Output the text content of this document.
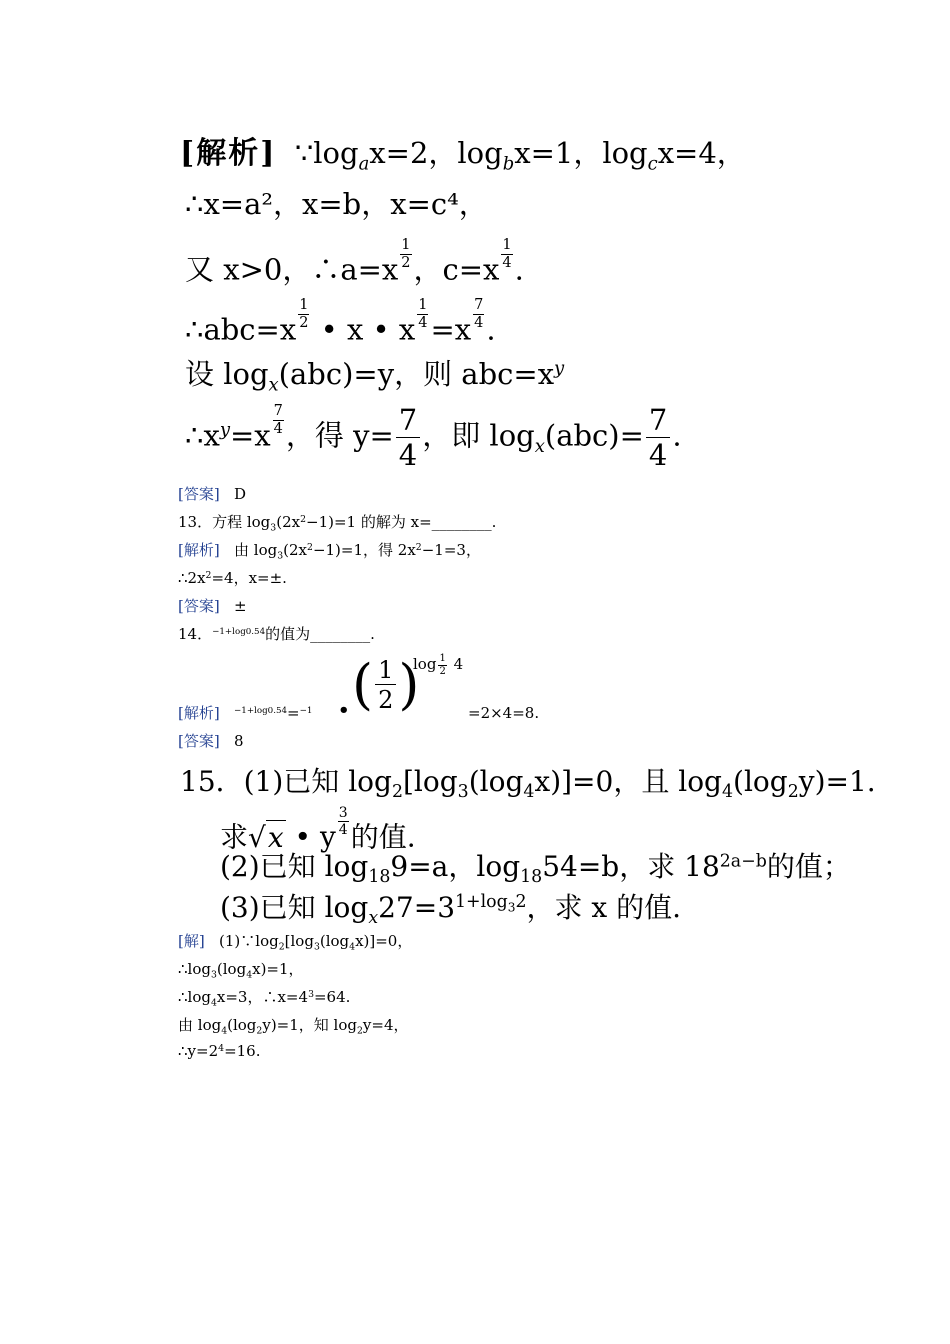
[解析] $\because\log_ax=2$，$\log_bx=1$，$\log_cx=4$，
∴x=a²，x=b，x=c⁴，
又 x>0，∴a=x $\frac{1}{2}$ ，$c=x \frac{1}{4}$ .
∴abc=x $\frac{1}{2}$ • x • x $\frac{1}{4} =x \frac{7}{4}$ .
设 $\log_x(abc)=y$，则 $abc=x^y$
$\therefore x^y=x \frac{7}{4}$ ，得 $y= \frac{7}{4}$ ，即 $\log_x(abc)= \frac{7}{4}$ .
[答案] D
13．方程 $\log_3(2x^2-1)=1$ 的解为 x=________.
[解析] 由 $\log_3(2x^2-1)=1$，得 $2x^2-1=3$，
$\therefore 2x^2=4$，x=±.
[答案] ±
14．$^{-1+log0.54}$的值为________.
[解析] $^{-1+log0.54}$=$^{-1}$ • ( $\frac{1}{2}$ )
$\log \frac{1}{2} 4$
=2×4=8.
[答案] 8
15．(1)已知 $\log_2[\log_3(\log_4x)]=0$，且 $\log_4(\log_2y)=1$.
求√x • y $\frac{3}{4}$ 的值.
(2)已知 $\log_{18}9=a$，$\log_{18}54=b$，求 $18^{2a-b}$的值；
(3)已知 $\log_x27=3^{1+log_32}$，求 x 的值.
[解] $(1)\because\log_2[\log_3(\log_4x)]=0$，
$\therefore\log_3(\log_4x)=1$，
$\therefore\log_4x=3$，$\therefore x=4^3=64$.
由 $\log_4(\log_2y)=1$，知 $\log_2y=4$，
$\therefore y=2^4=16$.
